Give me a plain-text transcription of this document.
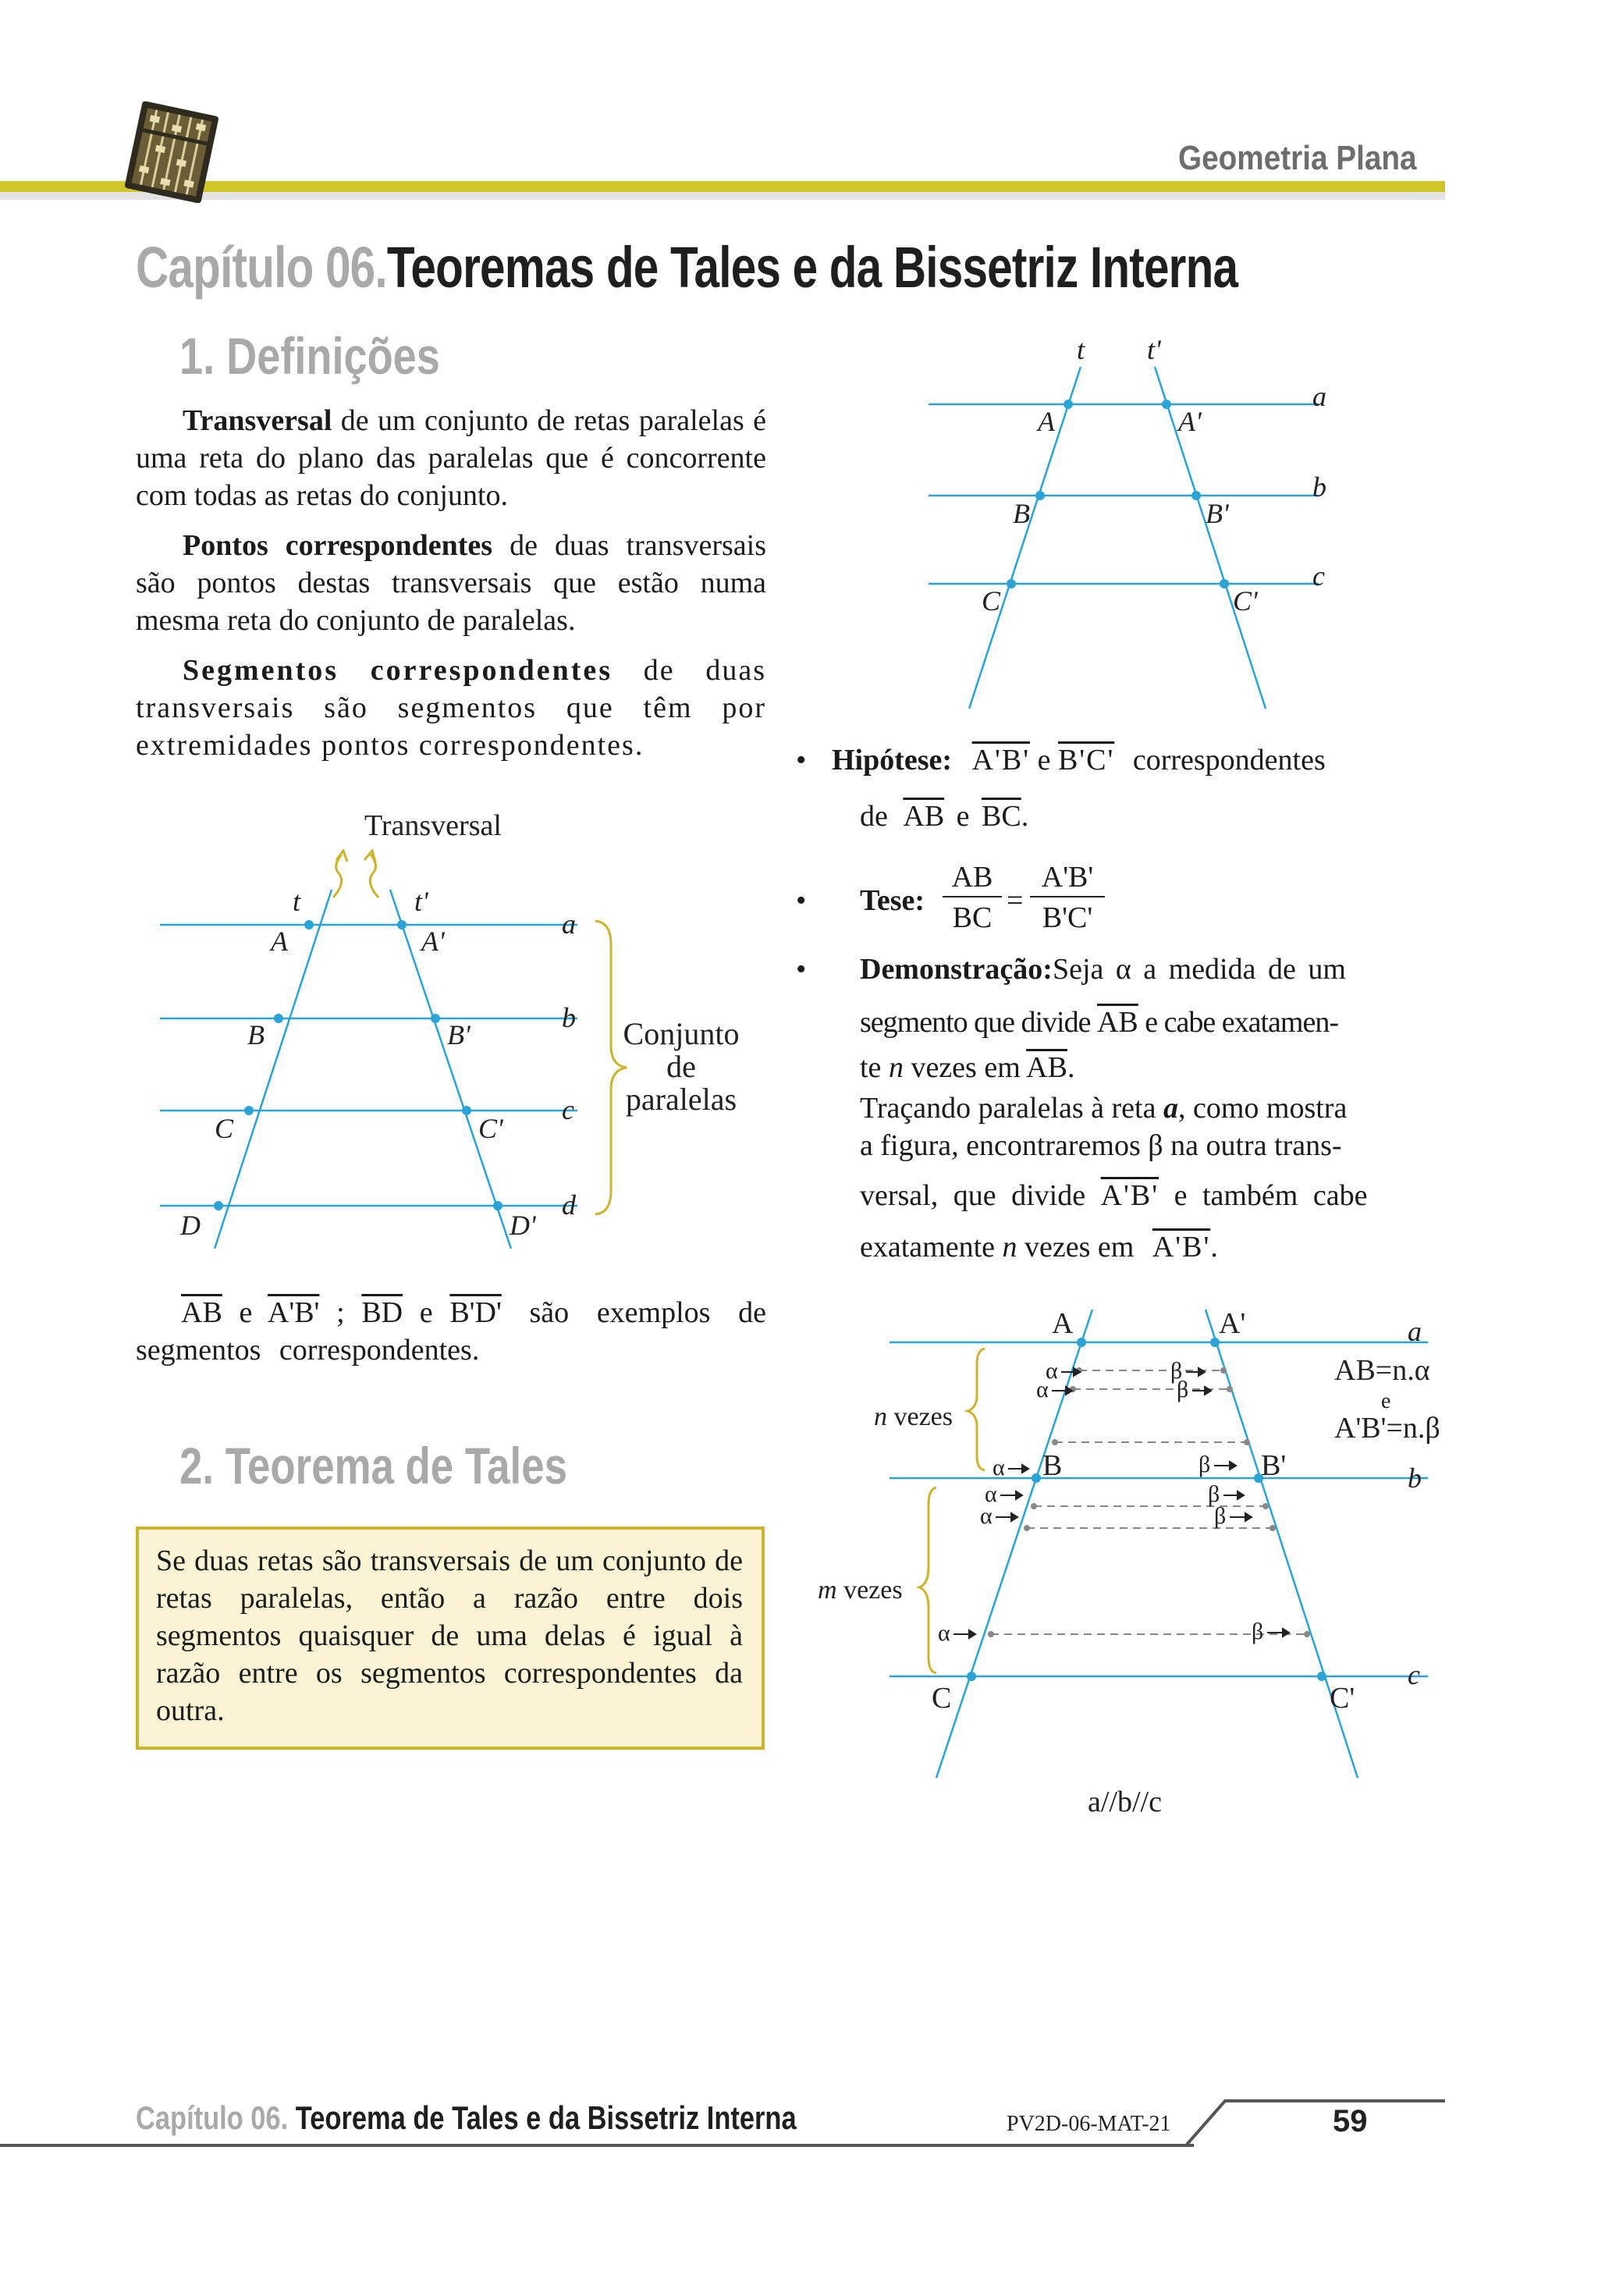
Geometria Plana
Capítulo 06.Teoremas de Tales e da Bissetriz Interna
1. Definições
Transversal de um conjunto de retas paralelas é uma reta do plano das paralelas que é concorrente com todas as retas do conjunto.
Pontos correspondentes de duas transversais são pontos destas transversais que estão numa mesma reta do conjunto de paralelas.
Segmentos correspondentes de duas transversais são segmentos que têm por extremidades pontos correspondentes.
Transversal
t	t'
A	A'
B	B'
C	C'
D	D'
a
b
c
d
Conjunto
de
paralelas
$\overline{AB}$ e A'B' ; $\overline{BD}$ e B'D' são exemplos de segmentos correspondentes.
2. Teorema de Tales
Se duas retas são transversais de um conjunto de retas paralelas, então a razão entre dois segmentos quaisquer de uma delas é igual à razão entre os segmentos correspondentes da outra.
t t'
A	A'
B	B'
C	C'
a
b
c
• Hipótese: A'B' e B'C' correspondentes
de $\overline{AB}$ e $\overline{BC}$.
•	Tese:
AB
BC
=
A'B'
B'C'
• Demonstração:Seja α a medida de um
segmento que divide $\overline{AB}$ e cabe exatamen-
te n vezes em $\overline{AB}$.
Traçando paralelas à reta a, como mostra
a figura, encontraremos β na outra trans-
versal, que divide A'B' e também cabe
exatamente n vezes em A'B'.
α
α
α
α
α
α
β
β
β
β
β
β
n vezes
m vezes
A	A'
B	B'
C	C'
AB=n.α
A'B'=n.β
e
a
b
c
a//b//c
Capítulo 06. Teorema de Tales e da Bissetriz Interna	PV2D-06-MAT-21	59
